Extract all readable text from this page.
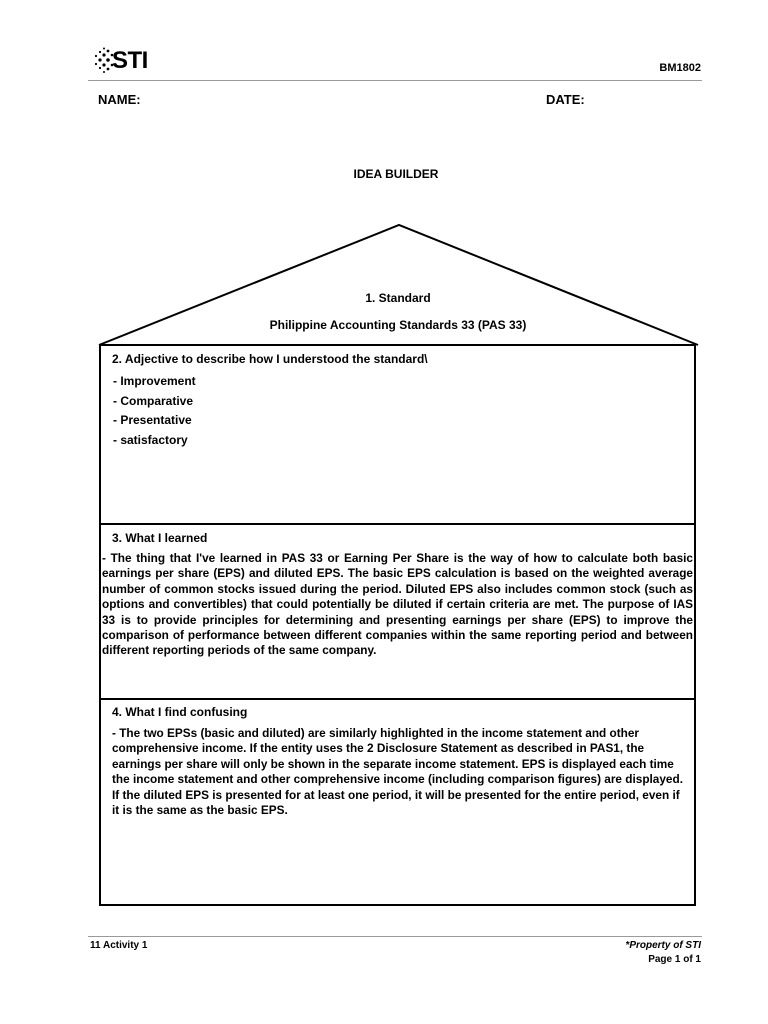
STI	BM1802
NAME:	DATE:
IDEA BUILDER
1. Standard
Philippine Accounting Standards 33 (PAS 33)
2. Adjective to describe how I understood the standard\
- Improvement
- Comparative
- Presentative
- satisfactory
3. What I learned

- The thing that I've learned in PAS 33 or Earning Per Share is the way of how to calculate both basic earnings per share (EPS) and diluted EPS. The basic EPS calculation is based on the weighted average number of common stocks issued during the period. Diluted EPS also includes common stock (such as options and convertibles) that could potentially be diluted if certain criteria are met. The purpose of IAS 33 is to provide principles for determining and presenting earnings per share (EPS) to improve the comparison of performance between different companies within the same reporting period and between different reporting periods of the same company.

4. What I find confusing

- The two EPSs (basic and diluted) are similarly highlighted in the income statement and other comprehensive income. If the entity uses the 2 Disclosure Statement as described in PAS1, the earnings per share will only be shown in the separate income statement. EPS is displayed each time the income statement and other comprehensive income (including comparison figures) are displayed. If the diluted EPS is presented for at least one period, it will be presented for the entire period, even if it is the same as the basic EPS.

11 Activity 1	*Property of STI
Page 1 of 1
